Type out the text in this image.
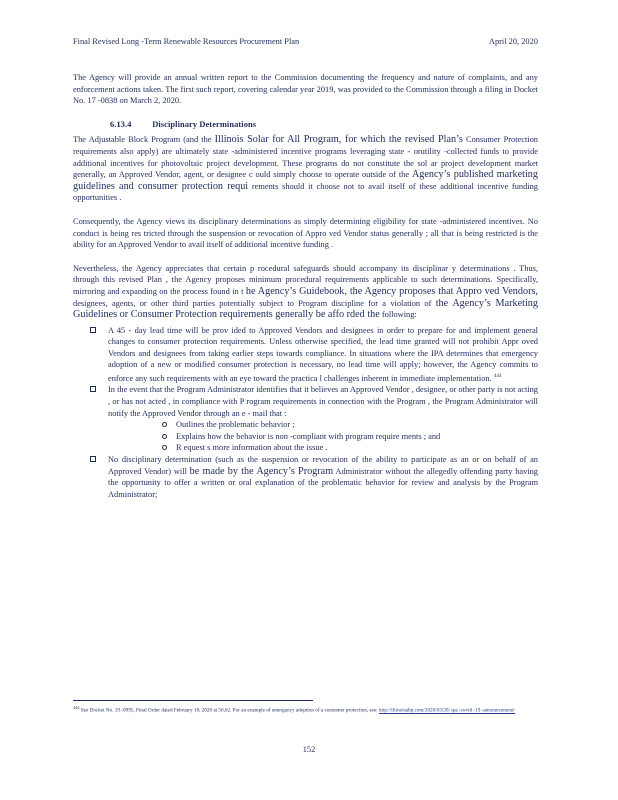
Final Revised Long -Term Renewable Resources Procurement Plan	April 20, 2020

The Agency will provide an annual written report to the Commission documenting the frequency and nature of complaints, and any enforcement actions taken. The first such report, covering calendar year 2019, was provided to the Commission through a filing in Docket No. 17 -0838 on March 2, 2020.

6.13.4 Disciplinary Determinations

The Adjustable Block Program (and the Illinois Solar for All Program, for which the revised Plan’s Consumer Protection requirements also apply) are ultimately state -administered incentive programs leveraging state - orutility -collected funds to provide additional incentives for photovoltaic project development. These programs do not constitute the sol ar project development market generally, an Approved Vendor, agent, or designee c ould simply choose to operate outside of the Agency’s published marketing guidelines and consumer protection requi rements should it choose not to avail itself of these additional incentive funding opportunities .

Consequently, the Agency views its disciplinary determinations as simply determining eligibility for state -administered incentives. No conduct is being res tricted through the suspension or revocation of Appro ved Vendor status generally ; all that is being restricted is the ability for an Approved Vendor to avail itself of additional incentive funding .

Nevertheless, the Agency appreciates that certain p rocedural safeguards should accompany its disciplinar y determinations . Thus, through this revised Plan , the Agency proposes minimum procedural requirements applicable to such determinations. Specifically, mirroring and expanding on the process found in t he Agency’s Guidebook, the Agency proposes that Appro ved Vendors, designees, agents, or other third parties potentially subject to Program discipline for a violation of the Agency’s Marketing Guidelines or Consumer Protection requirements generally be affo rded the following:

A 45 - day lead time will be prov ided to Approved Vendors and designees in order to prepare for and implement general changes to consumer protection requirements. Unless otherwise specified, the lead time granted will not prohibit Appr oved Vendors and designees from taking earlier steps towards compliance. In situations where the IPA determines that emergency adoption of a new or modified consumer protection is necessary, no lead time will apply; however, the Agency commits to enforce any such requirements with an eye toward the practica l challenges inherent in immediate implementation. $^{444}$
In the event that the Program Administrator identifies that it believes an Approved Vendor , designee, or other party is not acting , or has not acted , in compliance with P rogram requirements in connection with the Program , the Program Administrator will notify the Approved Vendor through an e - mail that :
Outlines the problematic behavior ;
Explains how the behavior is non -compliant with program require ments ; and
R equest s more information about the issue .
No disciplinary determination (such as the suspension or revocation of the ability to participate as an or on behalf of an Approved Vendor) will be made by the Agency’s Program Administrator without the allegedly offending party having the opportunity to offer a written or oral explanation of the problematic behavior for review and analysis by the Program Administrator;
$^{444}$ See Docket No. 19 -0995, Final Order dated February 18, 2020 at 56,62. For an example of emergency adoption of a consumer protection, see: http://illinoisabp.com/2020/03/20/ ipa -covid -19 -announcement/
152
